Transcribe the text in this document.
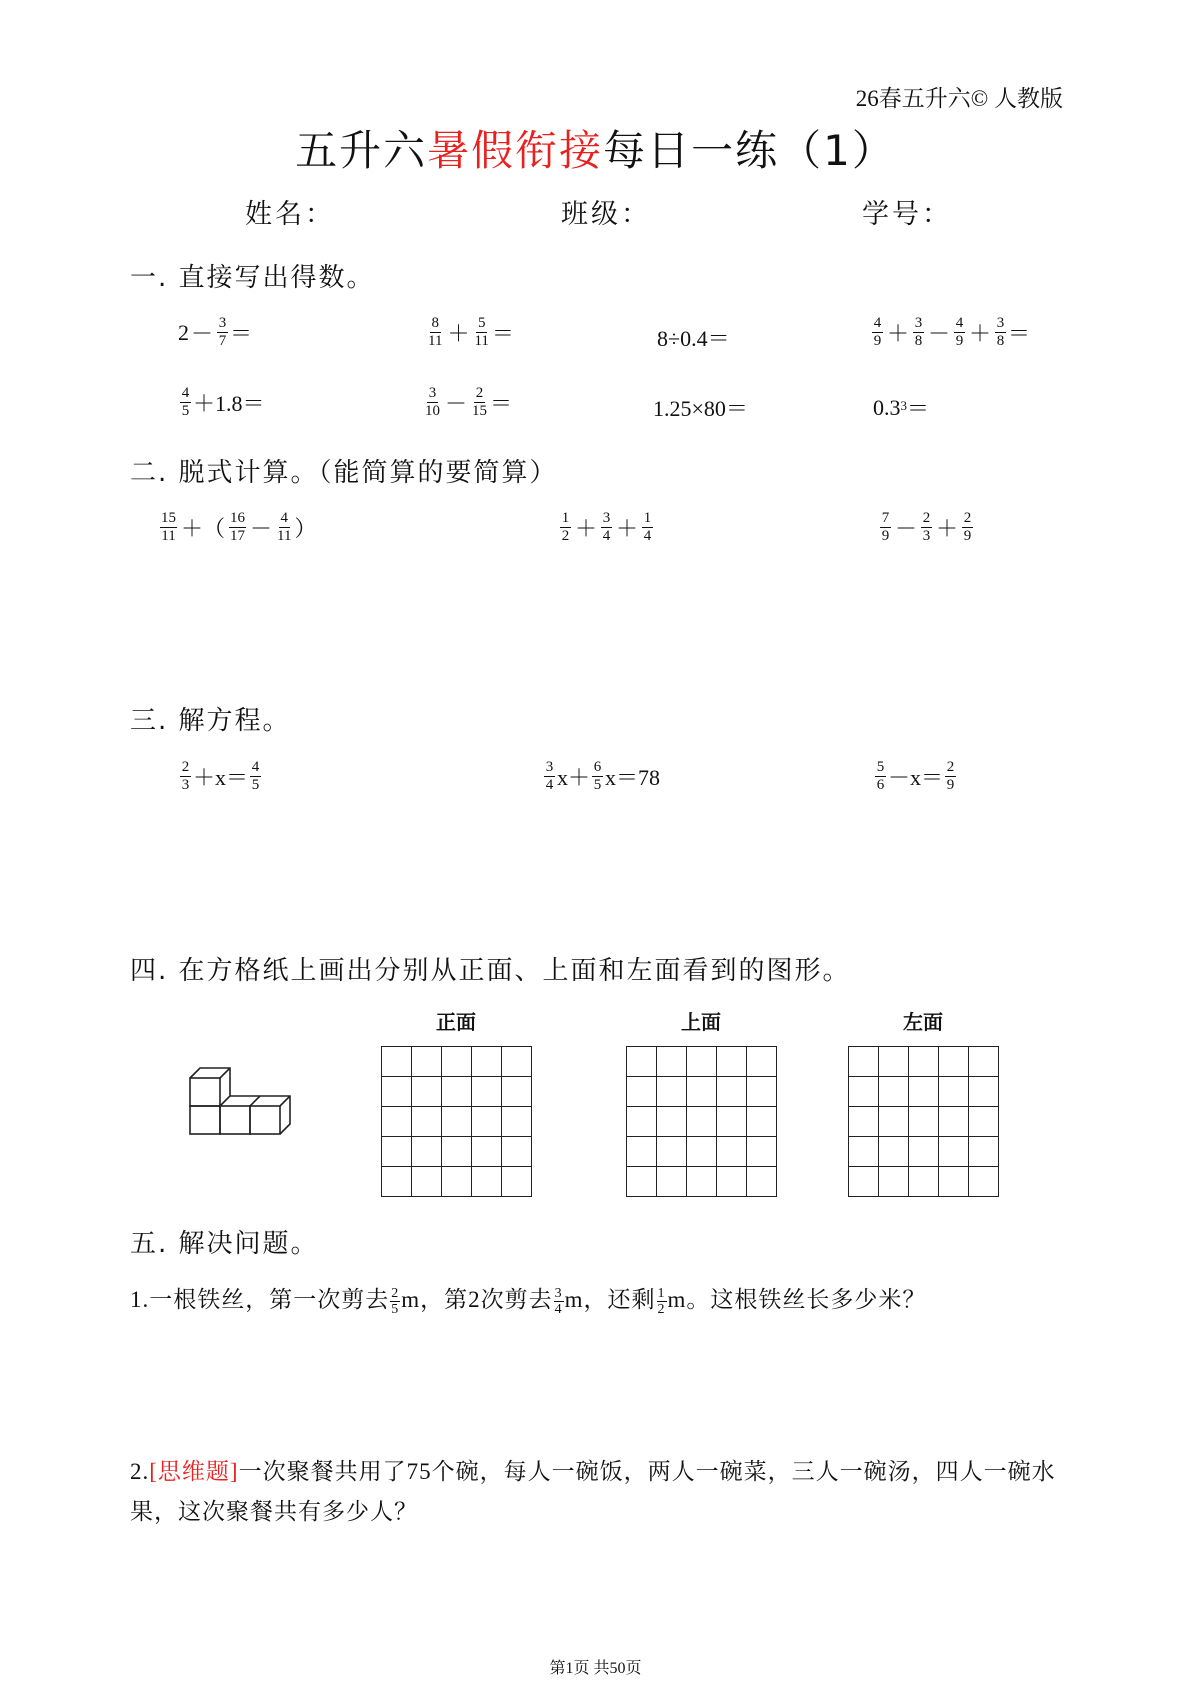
26春五升六© 人教版
五升六暑假衔接每日一练（1）
姓名：	班级：	学号：
一. 直接写出得数。
$2 - \frac{3}{7}$ ＝	$\frac{8}{11} + \frac{5}{11}$ ＝	8÷0.4＝	$\frac{4}{9} + \frac{3}{8} - \frac{4}{9} + \frac{3}{8}$ ＝
$\frac{4}{5} +1.8=$	$\frac{3}{10} - \frac{2}{15}$ ＝	1.25×80＝	$0.3^3$ ＝
二. 脱式计算。（能简算的要简算）
$\frac{15}{11}$ ＋（ $\frac{16}{17} - \frac{4}{11}$ ）	$\frac{1}{2} + \frac{3}{4} + \frac{1}{4}$	$\frac{7}{9} - \frac{2}{3} + \frac{2}{9}$
三. 解方程。
$\frac{2}{3} +x= \frac{4}{5}$	$\frac{3}{4} x+ \frac{6}{5} x=78$	$\frac{5}{6} -x= \frac{2}{9}$
四. 在方格纸上画出分别从正面、上面和左面看到的图形。
正面	上面	左面
五. 解决问题。
1.一根铁丝，第一次剪去 $\frac{2}{5}$ m，第2次剪去 $\frac{3}{4}$ m，还剩 $\frac{1}{2}$ m。这根铁丝长多少米？
2.[思维题]一次聚餐共用了75个碗，每人一碗饭，两人一碗菜，三人一碗汤，四人一碗水果，这次聚餐共有多少人？
第1页 共50页
